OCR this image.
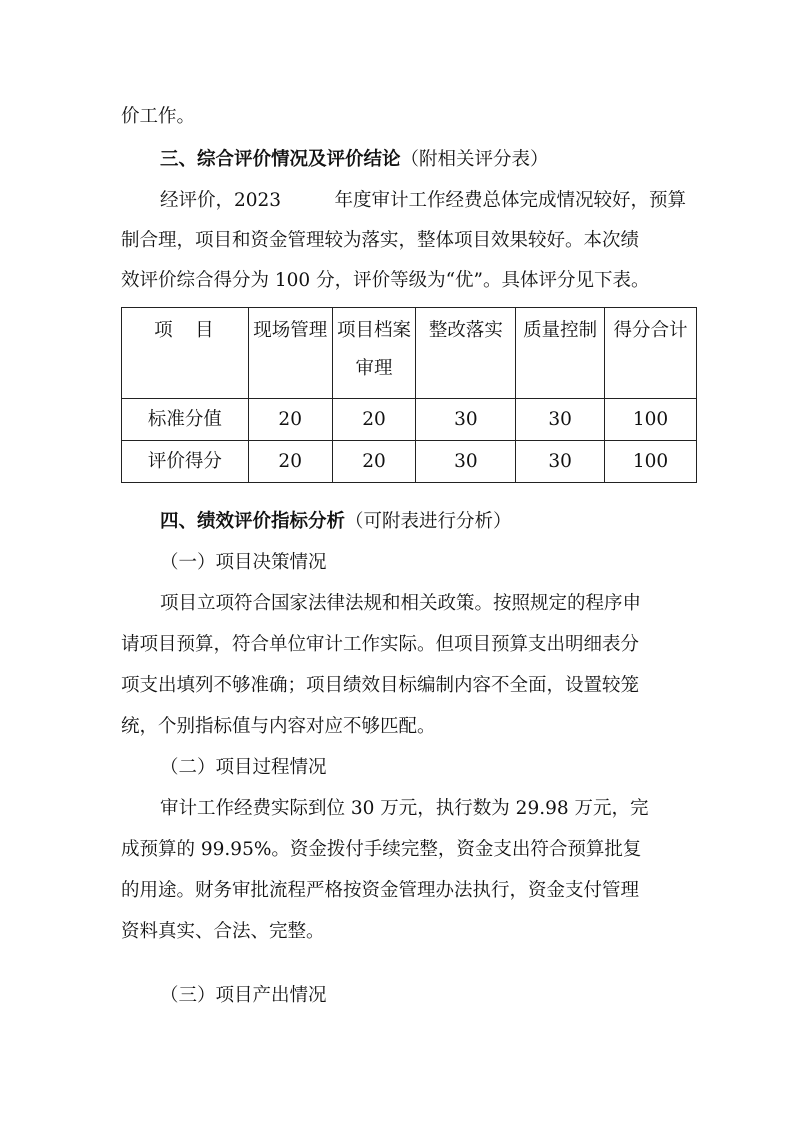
价工作。
三、综合评价情况及评价结论（附相关评分表）
经评价，2023	年度审计工作经费总体完成情况较好，预算
制合理，项目和资金管理较为落实，整体项目效果较好。本次绩
效评价综合得分为 100 分，评价等级为“优”。具体评分见下表。
项　目	现场管理	项目档案审理	整改落实	质量控制	得分合计
标准分值	20	20	30	30	100
评价得分	20	20	30	30	100
四、绩效评价指标分析（可附表进行分析）
（一）项目决策情况
项目立项符合国家法律法规和相关政策。按照规定的程序申
请项目预算，符合单位审计工作实际。但项目预算支出明细表分
项支出填列不够准确；项目绩效目标编制内容不全面，设置较笼
统，个别指标值与内容对应不够匹配。
（二）项目过程情况
审计工作经费实际到位 30 万元，执行数为 29.98 万元，完
成预算的 99.95%。资金拨付手续完整，资金支出符合预算批复
的用途。财务审批流程严格按资金管理办法执行，资金支付管理
资料真实、合法、完整。
（三）项目产出情况
